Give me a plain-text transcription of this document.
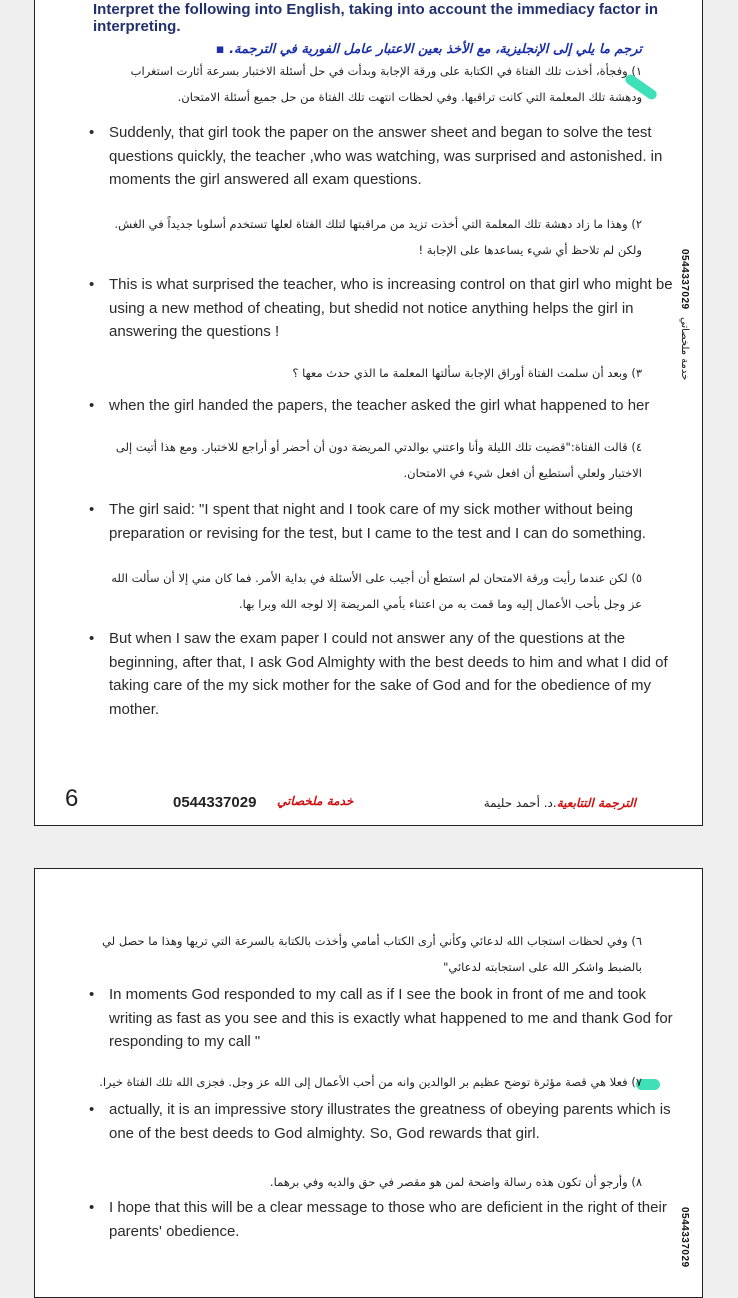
Interpret the following into English, taking into account the immediacy factor in
interpreting.
ترجم ما يلي إلى الإنجليزية، مع الأخذ بعين الاعتبار عامل الفورية في الترجمة. ▪
١) وفجأة، أخذت تلك الفتاة في الكتابة على ورقة الإجابة وبدأت في حل أسئلة الاختبار بسرعة أثارت استغراب
ودهشة تلك المعلمة التي كانت تراقبها. وفي لحظات انتهت تلك الفتاة من حل جميع أسئلة الامتحان.
• Suddenly, that girl took the paper on the answer sheet and began to solve the test questions quickly, the teacher ,who was watching, was surprised and astonished. in moments the girl answered all exam questions.
٢) وهذا ما زاد دهشة تلك المعلمة التي أخذت تزيد من مراقبتها لتلك الفتاة لعلها تستخدم أسلوبا جديداً في الغش.
ولكن لم تلاحظ أي شيء يساعدها على الإجابة !
• This is what surprised the teacher, who is increasing control on that girl who might be using a new method of cheating, but shedid not notice anything helps the girl in answering the questions !
٣) وبعد أن سلمت الفتاة أوراق الإجابة سألتها المعلمة ما الذي حدث معها ؟
• when the girl handed the papers, the teacher asked the girl what happened to her
٤) قالت الفتاة:"قضيت تلك الليلة وأنا واعتني بوالدتي المريضة دون أن أحضر أو أراجع للاختبار. ومع هذا أتيت إلى
الاختبار ولعلي أستطيع أن افعل شيء في الامتحان.
• The girl said: "I spent that night and I took care of my sick mother without being preparation or revising for the test, but I came to the test and I can do something.
٥) لكن عندما رأيت ورقة الامتحان لم استطع أن أجيب على الأسئلة في بداية الأمر. فما كان مني إلا أن سألت الله
عز وجل بأحب الأعمال إليه وما قمت به من اعتناء بأمي المريضة إلا لوجه الله وبرا بها.
• But when I saw the exam paper I could not answer any of the questions at the beginning, after that, I ask God Almighty with the best deeds to him and what I did of taking care of the my sick mother for the sake of God and for the obedience of my mother.
6	0544337029 خدمة ملخصاتي	الترجمة التتابعية.د. أحمد حليمة
0544337029
خدمة ملخصاتي
٦) وفي لحظات استجاب الله لدعائي وكأني أرى الكتاب أمامي وأخذت بالكتابة بالسرعة التي تريها وهذا ما حصل لي
بالضبط واشكر الله على استجابته لدعائي"
• In moments God responded to my call as if I see the book in front of me and took writing as fast as you see and this is exactly what happened to me and thank God for responding to my call "
٧) فعلا هي قصة مؤثرة توضح عظيم بر الوالدين وانه من أحب الأعمال إلى الله عز وجل. فجزى الله تلك الفتاة خيرا.
• actually, it is an impressive story illustrates the greatness of obeying parents which is one of the best deeds to God almighty. So, God rewards that girl.
٨) وأرجو أن تكون هذه رسالة واضحة لمن هو مقصر في حق والديه وفي برهما.
• I hope that this will be a clear message to those who are deficient in the right of their parents' obedience.	0544337029
